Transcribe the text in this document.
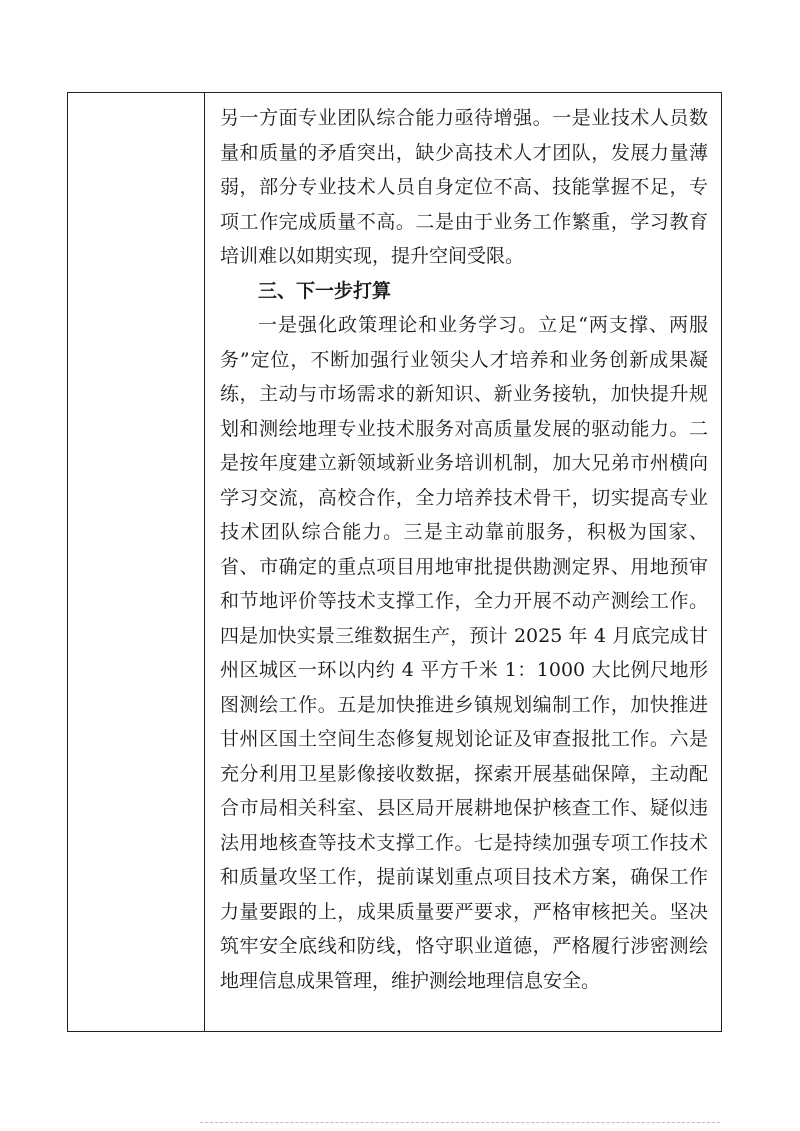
另一方面专业团队综合能力亟待增强。一是业技术人员数量和质量的矛盾突出，缺少高技术人才团队，发展力量薄弱，部分专业技术人员自身定位不高、技能掌握不足，专项工作完成质量不高。二是由于业务工作繁重，学习教育培训难以如期实现，提升空间受限。

三、下一步打算

一是强化政策理论和业务学习。立足“两支撑、两服务”定位，不断加强行业领尖人才培养和业务创新成果凝练，主动与市场需求的新知识、新业务接轨，加快提升规划和测绘地理专业技术服务对高质量发展的驱动能力。二是按年度建立新领域新业务培训机制，加大兄弟市州横向学习交流，高校合作，全力培养技术骨干，切实提高专业技术团队综合能力。三是主动靠前服务，积极为国家、省、市确定的重点项目用地审批提供勘测定界、用地预审和节地评价等技术支撑工作，全力开展不动产测绘工作。四是加快实景三维数据生产，预计 2025 年 4 月底完成甘州区城区一环以内约 4 平方千米 1：1000 大比例尺地形图测绘工作。五是加快推进乡镇规划编制工作，加快推进甘州区国土空间生态修复规划论证及审查报批工作。六是充分利用卫星影像接收数据，探索开展基础保障，主动配合市局相关科室、县区局开展耕地保护核查工作、疑似违法用地核查等技术支撑工作。七是持续加强专项工作技术和质量攻坚工作，提前谋划重点项目技术方案，确保工作力量要跟的上，成果质量要严要求，严格审核把关。坚决筑牢安全底线和防线，恪守职业道德，严格履行涉密测绘地理信息成果管理，维护测绘地理信息安全。
